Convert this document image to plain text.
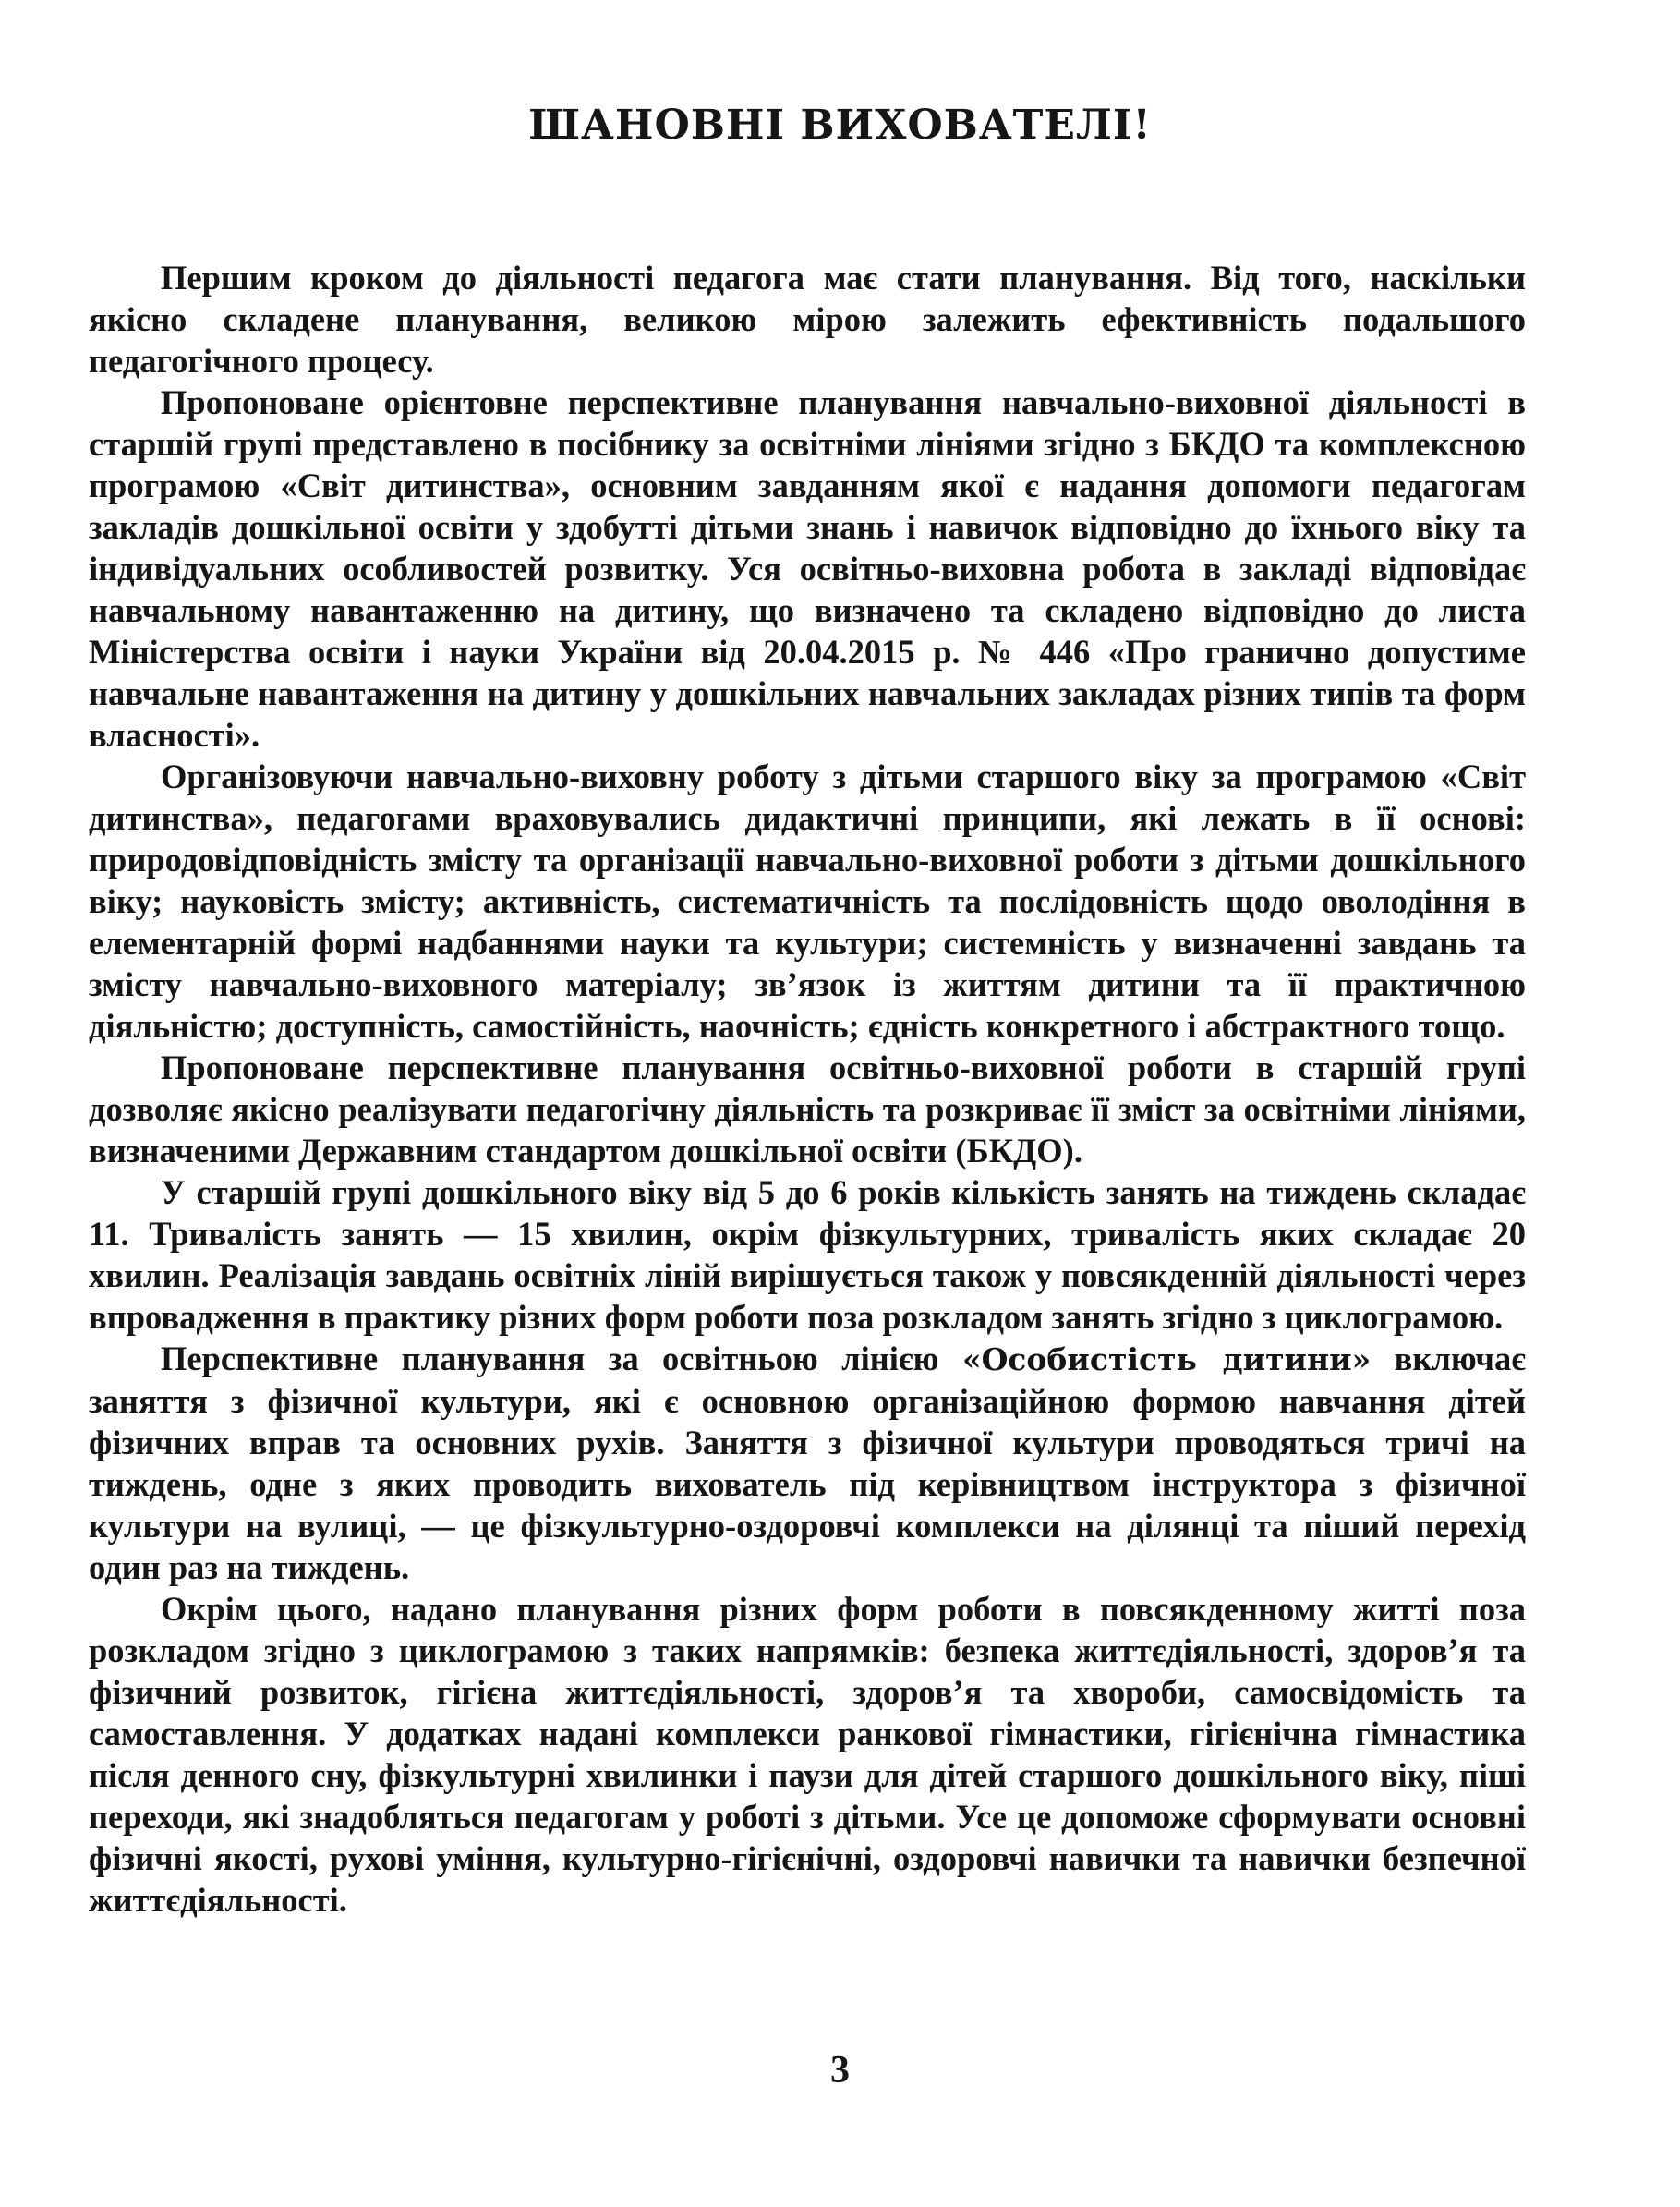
ШАНОВНІ ВИХОВАТЕЛІ!

Першим кроком до діяльності педагога має стати планування. Від того, наскільки якісно складене планування, великою мірою залежить ефективність подальшого педагогічного процесу.

Пропоноване орієнтовне перспективне планування навчально-виховної діяльності в старшій групі представлено в посібнику за освітніми лініями згідно з БКДО та комплексною програмою «Світ дитинства», основним завданням якої є надання допомоги педагогам закладів дошкільної освіти у здобутті дітьми знань і навичок відповідно до їхнього віку та індивідуальних особливостей розвитку. Уся освітньо-виховна робота в закладі відповідає навчальному навантаженню на дитину, що визначено та складено відповідно до листа Міністерства освіти і науки України від 20.04.2015 р. № 446 «Про гранично допустиме навчальне навантаження на дитину у дошкільних навчальних закладах різних типів та форм власності».

Організовуючи навчально-виховну роботу з дітьми старшого віку за програмою «Світ дитинства», педагогами враховувались дидактичні принципи, які лежать в її основі: природовідповідність змісту та організації навчально-виховної роботи з дітьми дошкільного віку; науковість змісту; активність, систематичність та послідовність щодо оволодіння в елементарній формі надбаннями науки та культури; системність у визначенні завдань та змісту навчально-виховного матеріалу; зв’язок із життям дитини та її практичною діяльністю; доступність, самостійність, наочність; єдність конкретного і абстрактного тощо.

Пропоноване перспективне планування освітньо-виховної роботи в старшій групі дозволяє якісно реалізувати педагогічну діяльність та розкриває її зміст за освітніми лініями, визначеними Державним стандартом дошкільної освіти (БКДО).

У старшій групі дошкільного віку від 5 до 6 років кількість занять на тиждень складає 11. Тривалість занять — 15 хвилин, окрім фізкультурних, тривалість яких складає 20 хвилин. Реалізація завдань освітніх ліній вирішується також у повсякденній діяльності через впровадження в практику різних форм роботи поза розкладом занять згідно з циклограмою.

Перспективне планування за освітньою лінією «Особистість дитини» включає заняття з фізичної культури, які є основною організаційною формою навчання дітей фізичних вправ та основних рухів. Заняття з фізичної культури проводяться тричі на тиждень, одне з яких проводить вихователь під керівництвом інструктора з фізичної культури на вулиці, — це фізкультурно-оздоровчі комплекси на ділянці та піший перехід один раз на тиждень.

Окрім цього, надано планування різних форм роботи в повсякденному житті поза розкладом згідно з циклограмою з таких напрямків: безпека життєдіяльності, здоров’я та фізичний розвиток, гігієна життєдіяльності, здоров’я та хвороби, самосвідомість та самоставлення. У додатках надані комплекси ранкової гімнастики, гігієнічна гімнастика після денного сну, фізкультурні хвилинки і паузи для дітей старшого дошкільного віку, піші переходи, які знадобляться педагогам у роботі з дітьми. Усе це допоможе сформувати основні фізичні якості, рухові уміння, культурно-гігієнічні, оздоровчі навички та навички безпечної життєдіяльності.

3
